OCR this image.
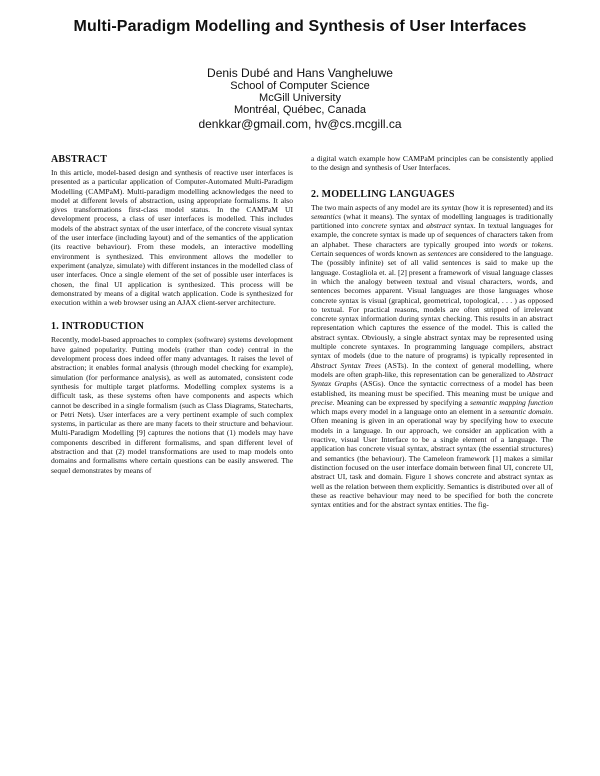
Multi-Paradigm Modelling and Synthesis of User Interfaces
Denis Dubé and Hans Vangheluwe
School of Computer Science
McGill University
Montréal, Québec, Canada
denkkar@gmail.com, hv@cs.mcgill.ca
ABSTRACT

In this article, model-based design and synthesis of reactive user interfaces is presented as a particular application of Computer-Automated Multi-Paradigm Modelling (CAMPaM). Multi-paradigm modelling acknowledges the need to model at different levels of abstraction, using appropriate formalisms. It also gives transformations first-class model status. In the CAMPaM UI development process, a class of user interfaces is modelled. This includes models of the abstract syntax of the user interface, of the concrete visual syntax of the user interface (including layout) and of the semantics of the application (its reactive behaviour). From these models, an interactive modelling environment is synthesized. This environment allows the modeller to experiment (analyze, simulate) with different instances in the modelled class of user interfaces. Once a single element of the set of possible user interfaces is chosen, the final UI application is synthesized. This process will be demonstrated by means of a digital watch application. Code is synthesized for execution within a web browser using an AJAX client-server architecture.

1. INTRODUCTION

Recently, model-based approaches to complex (software) systems development have gained popularity. Putting models (rather than code) central in the development process does indeed offer many advantages. It raises the level of abstraction; it enables formal analysis (through model checking for example), simulation (for performance analysis), as well as automated, consistent code synthesis for multiple target platforms. Modelling complex systems is a difficult task, as these systems often have components and aspects which cannot be described in a single formalism (such as Class Diagrams, Statecharts, or Petri Nets). User interfaces are a very pertinent example of such complex systems, in particular as there are many facets to their structure and behaviour. Multi-Paradigm Modelling [9] captures the notions that (1) models may have components described in different formalisms, and span different level of abstraction and that (2) model transformations are used to map models onto domains and formalisms where certain questions can be easily answered. The sequel demonstrates by means of

a digital watch example how CAMPaM principles can be consistently applied to the design and synthesis of User Interfaces.

2. MODELLING LANGUAGES

The two main aspects of any model are its syntax (how it is represented) and its semantics (what it means). The syntax of modelling languages is traditionally partitioned into concrete syntax and abstract syntax. In textual languages for example, the concrete syntax is made up of sequences of characters taken from an alphabet. These characters are typically grouped into words or tokens. Certain sequences of words known as sentences are considered to the language. The (possibly infinite) set of all valid sentences is said to make up the language. Costagliola et. al. [2] present a framework of visual language classes in which the analogy between textual and visual characters, words, and sentences becomes apparent. Visual languages are those languages whose concrete syntax is visual (graphical, geometrical, topological, . . . ) as opposed to textual. For practical reasons, models are often stripped of irrelevant concrete syntax information during syntax checking. This results in an abstract representation which captures the essence of the model. This is called the abstract syntax. Obviously, a single abstract syntax may be represented using multiple concrete syntaxes. In programming language compilers, abstract syntax of models (due to the nature of programs) is typically represented in Abstract Syntax Trees (ASTs). In the context of general modelling, where models are often graph-like, this representation can be generalized to Abstract Syntax Graphs (ASGs). Once the syntactic correctness of a model has been established, its meaning must be specified. This meaning must be unique and precise. Meaning can be expressed by specifying a semantic mapping function which maps every model in a language onto an element in a semantic domain. Often meaning is given in an operational way by specifying how to execute models in a language. In our approach, we consider an application with a reactive, visual User Interface to be a single element of a language. The application has concrete visual syntax, abstract syntax (the essential structures) and semantics (the behaviour). The Cameleon framework [1] makes a similar distinction focused on the user interface domain between final UI, concrete UI, abstract UI, task and domain. Figure 1 shows concrete and abstract syntax as well as the relation between them explicitly. Semantics is distributed over all of these as reactive behaviour may need to be specified for both the concrete syntax entities and for the abstract syntax entities. The fig-
